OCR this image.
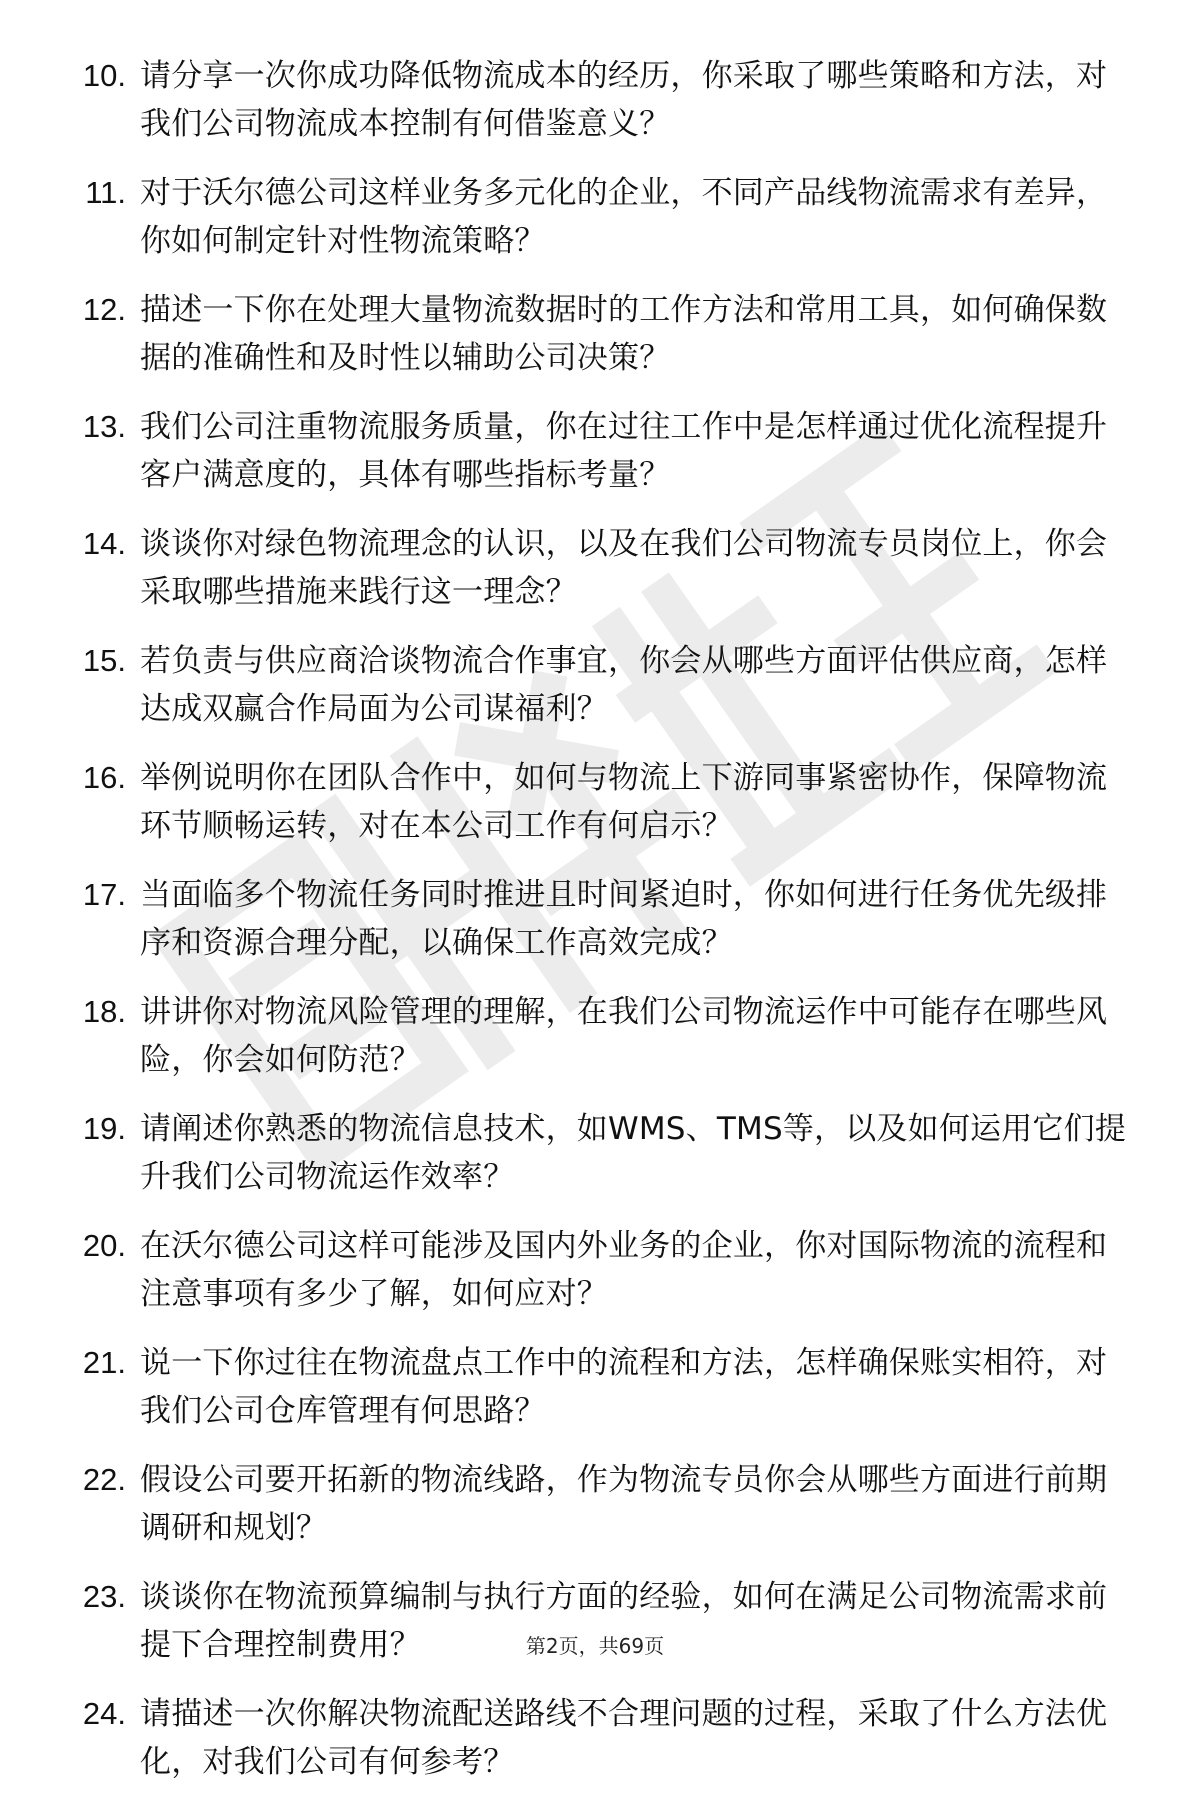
10. 请分享一次你成功降低物流成本的经历，你采取了哪些策略和方法，对我们公司物流成本控制有何借鉴意义？
11. 对于沃尔德公司这样业务多元化的企业，不同产品线物流需求有差异，你如何制定针对性物流策略？
12. 描述一下你在处理大量物流数据时的工作方法和常用工具，如何确保数据的准确性和及时性以辅助公司决策？
13. 我们公司注重物流服务质量，你在过往工作中是怎样通过优化流程提升客户满意度的，具体有哪些指标考量？
14. 谈谈你对绿色物流理念的认识，以及在我们公司物流专员岗位上，你会采取哪些措施来践行这一理念？
15. 若负责与供应商洽谈物流合作事宜，你会从哪些方面评估供应商，怎样达成双赢合作局面为公司谋福利？
16. 举例说明你在团队合作中，如何与物流上下游同事紧密协作，保障物流环节顺畅运转，对在本公司工作有何启示？
17. 当面临多个物流任务同时推进且时间紧迫时，你如何进行任务优先级排序和资源合理分配，以确保工作高效完成？
18. 讲讲你对物流风险管理的理解，在我们公司物流运作中可能存在哪些风险，你会如何防范？
19. 请阐述你熟悉的物流信息技术，如WMS、TMS等，以及如何运用它们提升我们公司物流运作效率？
20. 在沃尔德公司这样可能涉及国内外业务的企业，你对国际物流的流程和注意事项有多少了解，如何应对？
21. 说一下你过往在物流盘点工作中的流程和方法，怎样确保账实相符，对我们公司仓库管理有何思路？
22. 假设公司要开拓新的物流线路，作为物流专员你会从哪些方面进行前期调研和规划？
23. 谈谈你在物流预算编制与执行方面的经验，如何在满足公司物流需求前提下合理控制费用？
24. 请描述一次你解决物流配送路线不合理问题的过程，采取了什么方法优化，对我们公司有何参考？
第2页，共69页
